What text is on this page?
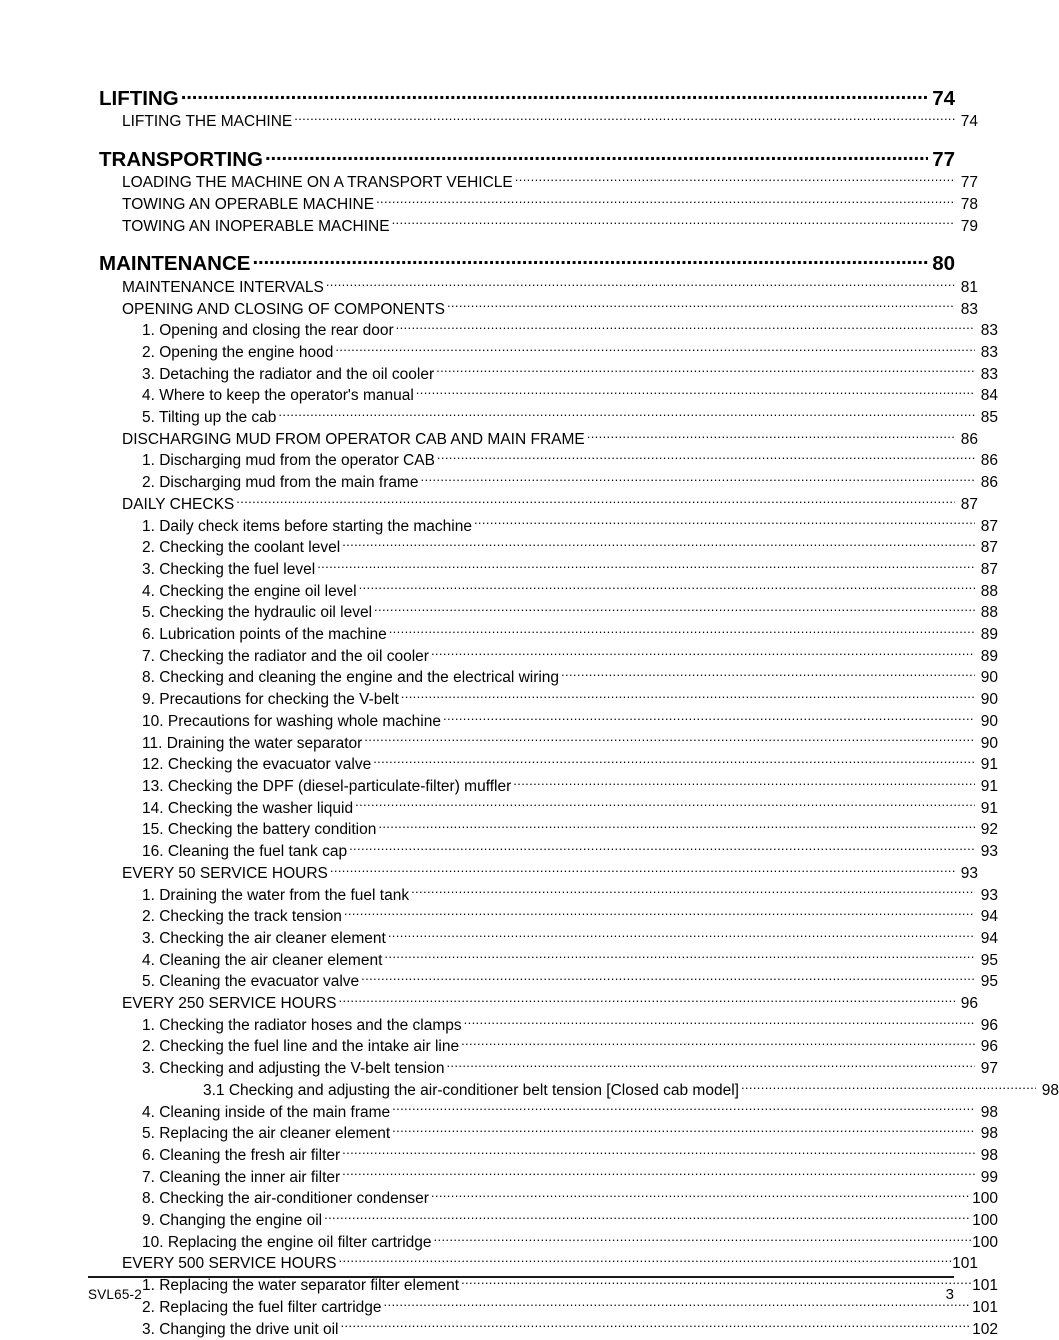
LIFTING .....	74
LIFTING THE MACHINE .....	74
TRANSPORTING .....	77
LOADING THE MACHINE ON A TRANSPORT VEHICLE .....	77
TOWING AN OPERABLE MACHINE .....	78
TOWING AN INOPERABLE MACHINE .....	79
MAINTENANCE .....	80
MAINTENANCE INTERVALS .....	81
OPENING AND CLOSING OF COMPONENTS .....	83
1. Opening and closing the rear door .....	83
2. Opening the engine hood .....	83
3. Detaching the radiator and the oil cooler .....	83
4. Where to keep the operator's manual .....	84
5. Tilting up the cab .....	85
DISCHARGING MUD FROM OPERATOR CAB AND MAIN FRAME .....	86
1. Discharging mud from the operator CAB .....	86
2. Discharging mud from the main frame .....	86
DAILY CHECKS .....	87
1. Daily check items before starting the machine .....	87
2. Checking the coolant level .....	87
3. Checking the fuel level .....	87
4. Checking the engine oil level .....	88
5. Checking the hydraulic oil level .....	88
6. Lubrication points of the machine .....	89
7. Checking the radiator and the oil cooler .....	89
8. Checking and cleaning the engine and the electrical wiring .....	90
9. Precautions for checking the V-belt .....	90
10. Precautions for washing whole machine .....	90
11. Draining the water separator .....	90
12. Checking the evacuator valve .....	91
13. Checking the DPF (diesel-particulate-filter) muffler .....	91
14. Checking the washer liquid .....	91
15. Checking the battery condition .....	92
16. Cleaning the fuel tank cap .....	93
EVERY 50 SERVICE HOURS .....	93
1. Draining the water from the fuel tank .....	93
2. Checking the track tension .....	94
3. Checking the air cleaner element .....	94
4. Cleaning the air cleaner element .....	95
5. Cleaning the evacuator valve .....	95
EVERY 250 SERVICE HOURS .....	96
1. Checking the radiator hoses and the clamps .....	96
2. Checking the fuel line and the intake air line .....	96
3. Checking and adjusting the V-belt tension .....	97
3.1 Checking and adjusting the air-conditioner belt tension [Closed cab model] .....	98
4. Cleaning inside of the main frame .....	98
5. Replacing the air cleaner element .....	98
6. Cleaning the fresh air filter .....	98
7. Cleaning the inner air filter .....	99
8. Checking the air-conditioner condenser .....	100
9. Changing the engine oil .....	100
10. Replacing the engine oil filter cartridge .....	100
EVERY 500 SERVICE HOURS .....	101
1. Replacing the water separator filter element .....	101
2. Replacing the fuel filter cartridge .....	101
3. Changing the drive unit oil .....	102
SVL65-2	3
